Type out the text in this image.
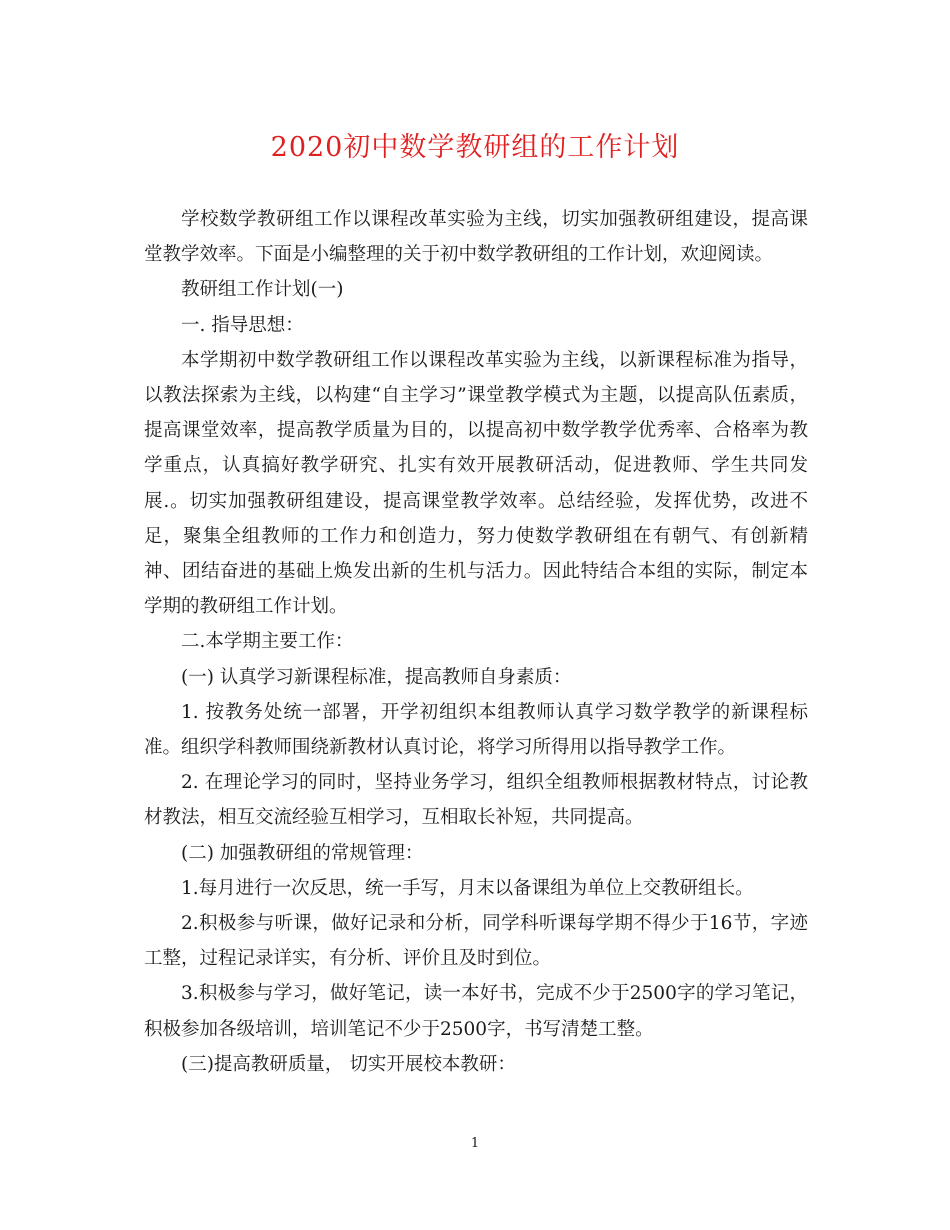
2020初中数学教研组的工作计划

学校数学教研组工作以课程改革实验为主线，切实加强教研组建设，提高课堂教学效率。下面是小编整理的关于初中数学教研组的工作计划，欢迎阅读。

教研组工作计划(一)

一. 指导思想：

本学期初中数学教研组工作以课程改革实验为主线，以新课程标准为指导，以教法探索为主线，以构建“自主学习”课堂教学模式为主题，以提高队伍素质，提高课堂效率，提高教学质量为目的，以提高初中数学教学优秀率、合格率为教学重点，认真搞好教学研究、扎实有效开展教研活动，促进教师、学生共同发展.。切实加强教研组建设，提高课堂教学效率。总结经验，发挥优势，改进不足，聚集全组教师的工作力和创造力，努力使数学教研组在有朝气、有创新精神、团结奋进的基础上焕发出新的生机与活力。因此特结合本组的实际，制定本学期的教研组工作计划。

二.本学期主要工作：

(一) 认真学习新课程标准，提高教师自身素质：

1. 按教务处统一部署，开学初组织本组教师认真学习数学教学的新课程标准。组织学科教师围绕新教材认真讨论，将学习所得用以指导教学工作。

2. 在理论学习的同时，坚持业务学习，组织全组教师根据教材特点，讨论教材教法，相互交流经验互相学习，互相取长补短，共同提高。

(二) 加强教研组的常规管理：

1.每月进行一次反思，统一手写，月末以备课组为单位上交教研组长。

2.积极参与听课，做好记录和分析，同学科听课每学期不得少于16节，字迹工整，过程记录详实，有分析、评价且及时到位。

3.积极参与学习，做好笔记，读一本好书，完成不少于2500字的学习笔记，积极参加各级培训，培训笔记不少于2500字，书写清楚工整。

(三)提高教研质量， 切实开展校本教研：

1
